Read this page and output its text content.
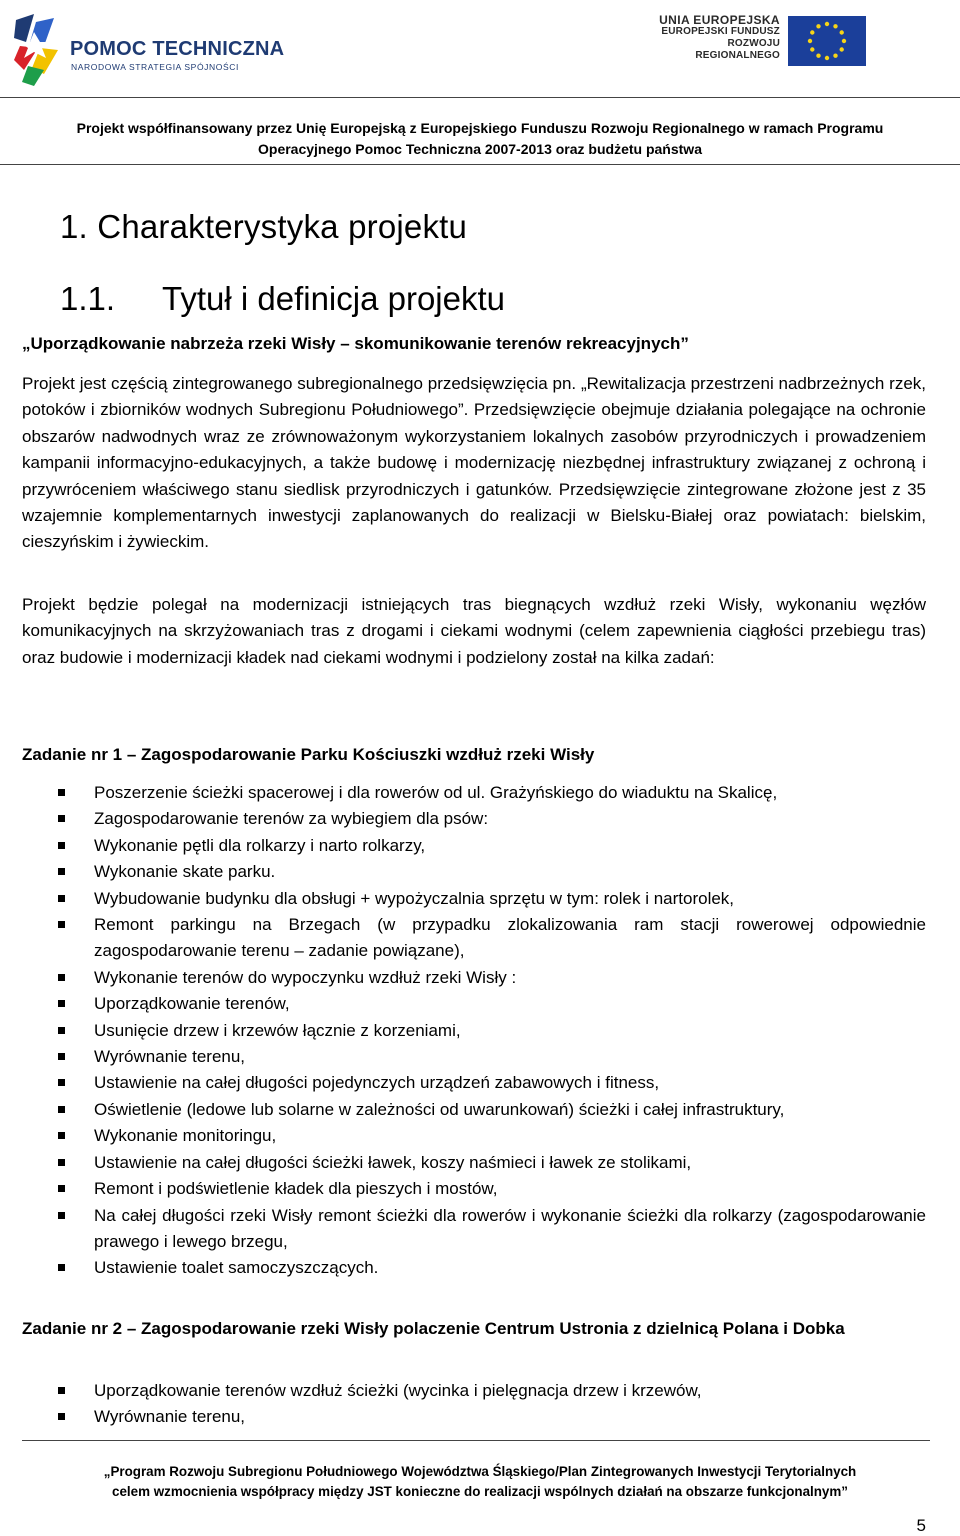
POMOC TECHNICZNA
NARODOWA STRATEGIA SPÓJNOŚCI
UNIA EUROPEJSKA
EUROPEJSKI FUNDUSZ
ROZWOJU REGIONALNEGO
Projekt współfinansowany przez Unię Europejską z Europejskiego Funduszu Rozwoju Regionalnego w ramach Programu
Operacyjnego Pomoc Techniczna 2007-2013 oraz budżetu państwa
1. Charakterystyka projektu
1.1. Tytuł i definicja projektu
„Uporządkowanie nabrzeża rzeki Wisły – skomunikowanie terenów rekreacyjnych”

Projekt jest częścią zintegrowanego subregionalnego przedsięwzięcia pn. „Rewitalizacja przestrzeni nadbrzeżnych rzek, potoków i zbiorników wodnych Subregionu Południowego”. Przedsięwzięcie obejmuje działania polegające na ochronie obszarów nadwodnych wraz ze zrównoważonym wykorzystaniem lokalnych zasobów przyrodniczych i prowadzeniem kampanii informacyjno-edukacyjnych, a także budowę i modernizację niezbędnej infrastruktury związanej z ochroną i przywróceniem właściwego stanu siedlisk przyrodniczych i gatunków. Przedsięwzięcie zintegrowane złożone jest z 35 wzajemnie komplementarnych inwestycji zaplanowanych do realizacji w Bielsku-Białej oraz powiatach: bielskim, cieszyńskim i żywieckim.

Projekt będzie polegał na modernizacji istniejących tras biegnących wzdłuż rzeki Wisły, wykonaniu węzłów komunikacyjnych na skrzyżowaniach tras z drogami i ciekami wodnymi (celem zapewnienia ciągłości przebiegu tras) oraz budowie i modernizacji kładek nad ciekami wodnymi i podzielony został na kilka zadań:

Zadanie nr 1 – Zagospodarowanie Parku Kościuszki wzdłuż rzeki Wisły
Poszerzenie ścieżki spacerowej i dla rowerów od ul. Grażyńskiego do wiaduktu na Skalicę,
Zagospodarowanie terenów za wybiegiem dla psów:
Wykonanie pętli dla rolkarzy i narto rolkarzy,
Wykonanie skate parku.
Wybudowanie budynku dla obsługi + wypożyczalnia sprzętu w tym: rolek i nartorolek,
Remont parkingu na Brzegach (w przypadku zlokalizowania ram stacji rowerowej odpowiednie zagospodarowanie terenu – zadanie powiązane),
Wykonanie terenów do wypoczynku wzdłuż rzeki Wisły :
Uporządkowanie terenów,
Usunięcie drzew i krzewów łącznie z korzeniami,
Wyrównanie terenu,
Ustawienie na całej długości pojedynczych urządzeń zabawowych i fitness,
Oświetlenie (ledowe lub solarne w zależności od uwarunkowań) ścieżki i całej infrastruktury,
Wykonanie monitoringu,
Ustawienie na całej długości ścieżki ławek, koszy naśmieci i ławek ze stolikami,
Remont i podświetlenie kładek dla pieszych i mostów,
Na całej długości rzeki Wisły remont ścieżki dla rowerów i wykonanie ścieżki dla rolkarzy (zagospodarowanie prawego i lewego brzegu,
Ustawienie toalet samoczyszczących.
Zadanie nr 2 – Zagospodarowanie rzeki Wisły polaczenie Centrum Ustronia z dzielnicą Polana i Dobka
Uporządkowanie terenów wzdłuż ścieżki (wycinka i pielęgnacja drzew i krzewów,
Wyrównanie terenu,
„Program Rozwoju Subregionu Południowego Województwa Śląskiego/Plan Zintegrowanych Inwestycji Terytorialnych
celem wzmocnienia współpracy między JST konieczne do realizacji wspólnych działań na obszarze funkcjonalnym”
5
